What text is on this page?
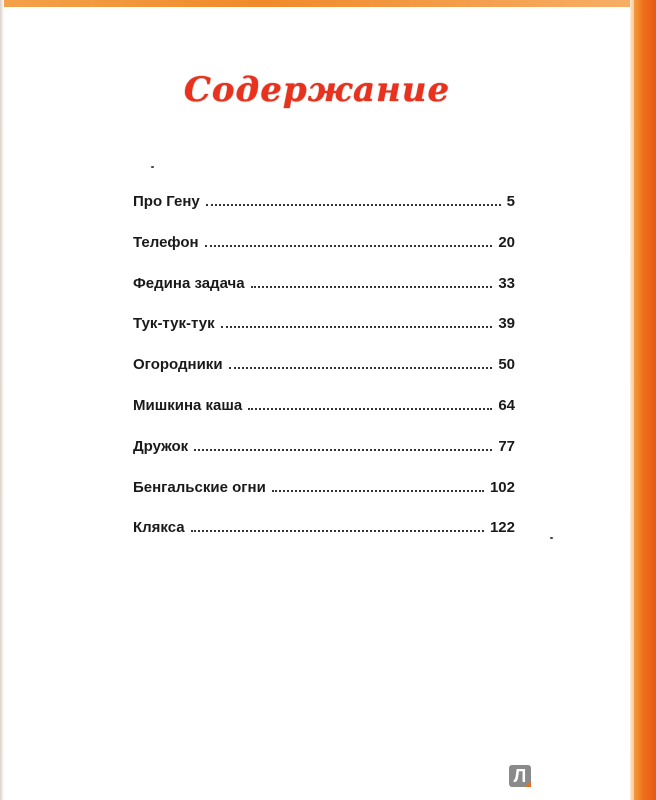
Содержание
Про Гену	5
Телефон	20
Федина задача	33
Тук-тук-тук	39
Огородники	50
Мишкина каша	64
Дружок	77
Бенгальские огни	102
Клякса	122
Л
